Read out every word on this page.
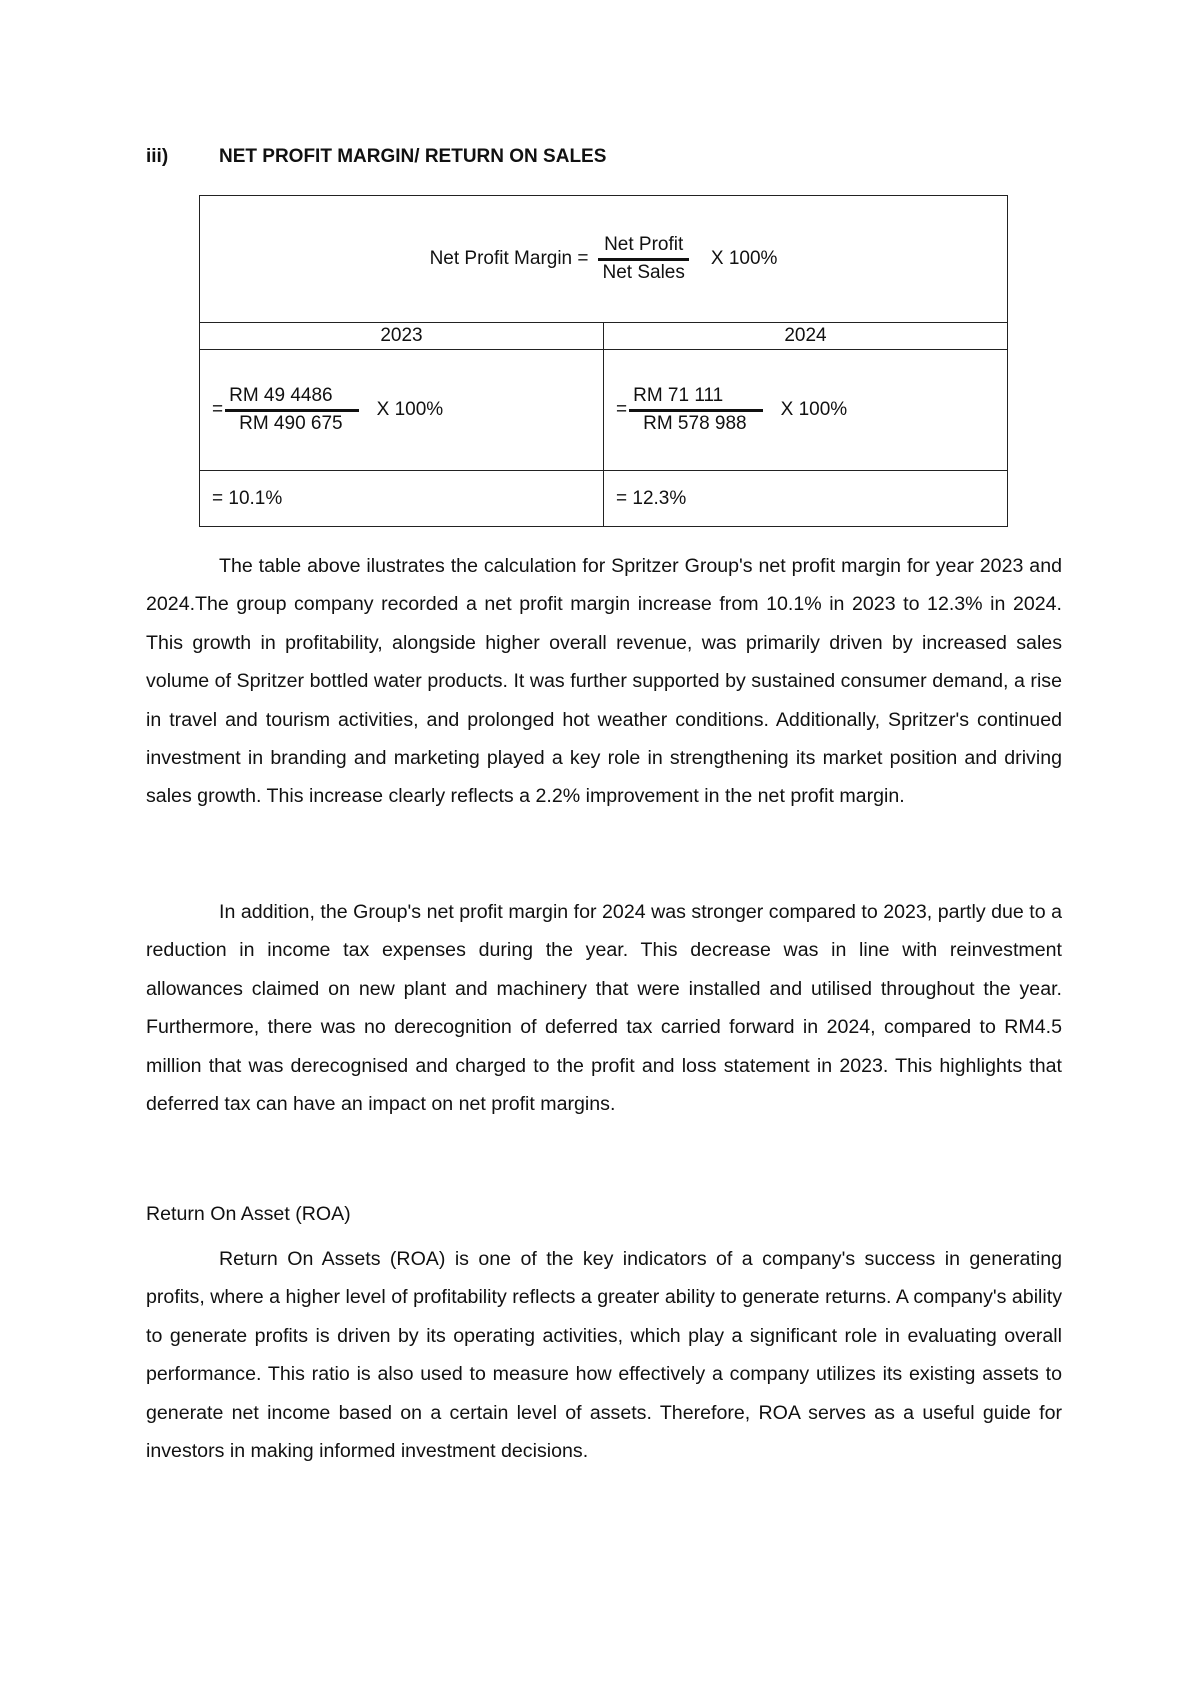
iii)	NET PROFIT MARGIN/ RETURN ON SALES
Net Profit Margin = $\frac{\text{Net Profit}}{\text{Net Sales}}$ X 100%	

2023	2024

= $\frac{RM 49 4486}{RM 490 675}$ X 100%	= $\frac{RM 71 111}{RM 578 988}$ X 100%

= 10.1%	= 12.3%

The table above ilustrates the calculation for Spritzer Group's net profit margin for year 2023 and 2024.The group company recorded a net profit margin increase from 10.1% in 2023 to 12.3% in 2024. This growth in profitability, alongside higher overall revenue, was primarily driven by increased sales volume of Spritzer bottled water products. It was further supported by sustained consumer demand, a rise in travel and tourism activities, and prolonged hot weather conditions. Additionally, Spritzer's continued investment in branding and marketing played a key role in strengthening its market position and driving sales growth. This increase clearly reflects a 2.2% improvement in the net profit margin.

In addition, the Group's net profit margin for 2024 was stronger compared to 2023, partly due to a reduction in income tax expenses during the year. This decrease was in line with reinvestment allowances claimed on new plant and machinery that were installed and utilised throughout the year. Furthermore, there was no derecognition of deferred tax carried forward in 2024, compared to RM4.5 million that was derecognised and charged to the profit and loss statement in 2023. This highlights that deferred tax can have an impact on net profit margins.

Return On Asset (ROA)

Return On Assets (ROA) is one of the key indicators of a company's success in generating profits, where a higher level of profitability reflects a greater ability to generate returns. A company's ability to generate profits is driven by its operating activities, which play a significant role in evaluating overall performance. This ratio is also used to measure how effectively a company utilizes its existing assets to generate net income based on a certain level of assets. Therefore, ROA serves as a useful guide for investors in making informed investment decisions.
